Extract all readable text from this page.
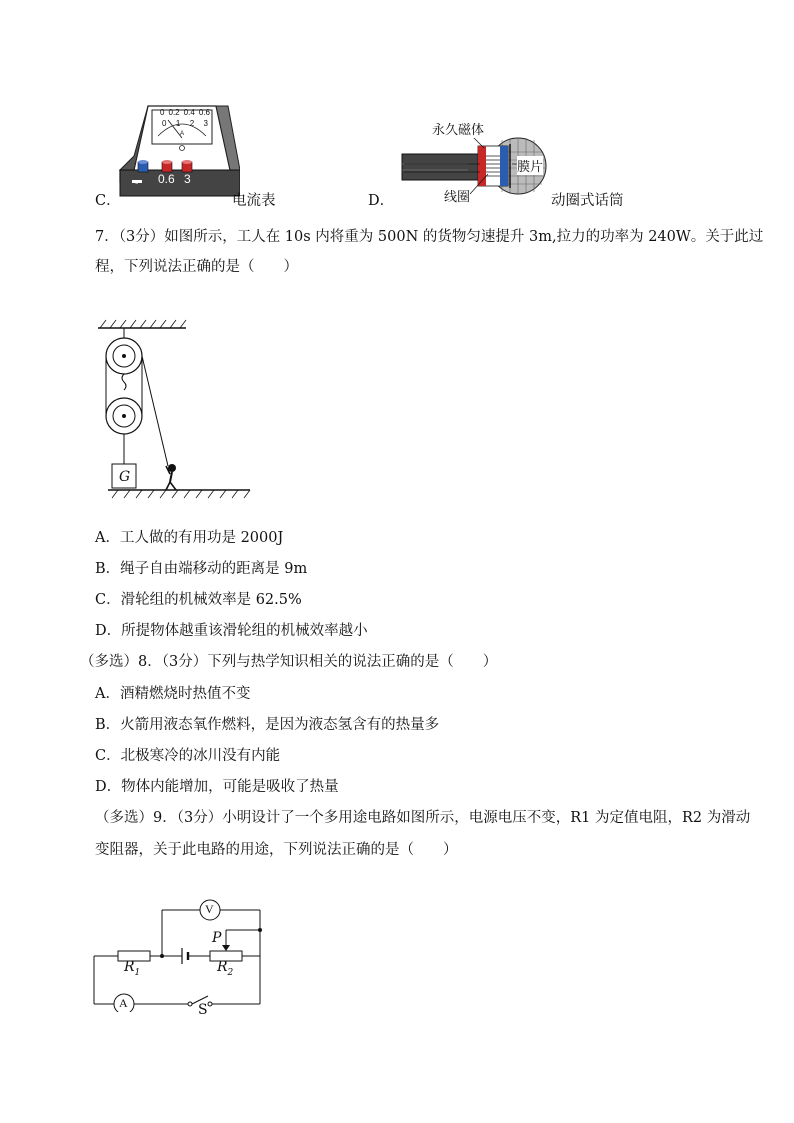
0 0.2 0.4 0.6
0 1 2 3
A
- 0.6 3
C．	电流表
永久磁体
膜片
线圈
D．	动圈式话筒
7．（3分）如图所示，工人在 10s 内将重为 500N 的货物匀速提升 3m,拉力的功率为 240W。关于此过
程，下列说法正确的是（　　）
G
A．工人做的有用功是 2000J
B．绳子自由端移动的距离是 9m
C．滑轮组的机械效率是 62.5%
D．所提物体越重该滑轮组的机械效率越小
（多选）8．（3分）下列与热学知识相关的说法正确的是（　　）
A．酒精燃烧时热值不变
B．火箭用液态氧作燃料，是因为液态氢含有的热量多
C．北极寒冷的冰川没有内能
D．物体内能增加，可能是吸收了热量
（多选）9．（3分）小明设计了一个多用途电路如图所示，电源电压不变，R1 为定值电阻，R2 为滑动
变阻器，关于此电路的用途，下列说法正确的是（　　）
V
A
P
$R_1$	$R_2$
S
